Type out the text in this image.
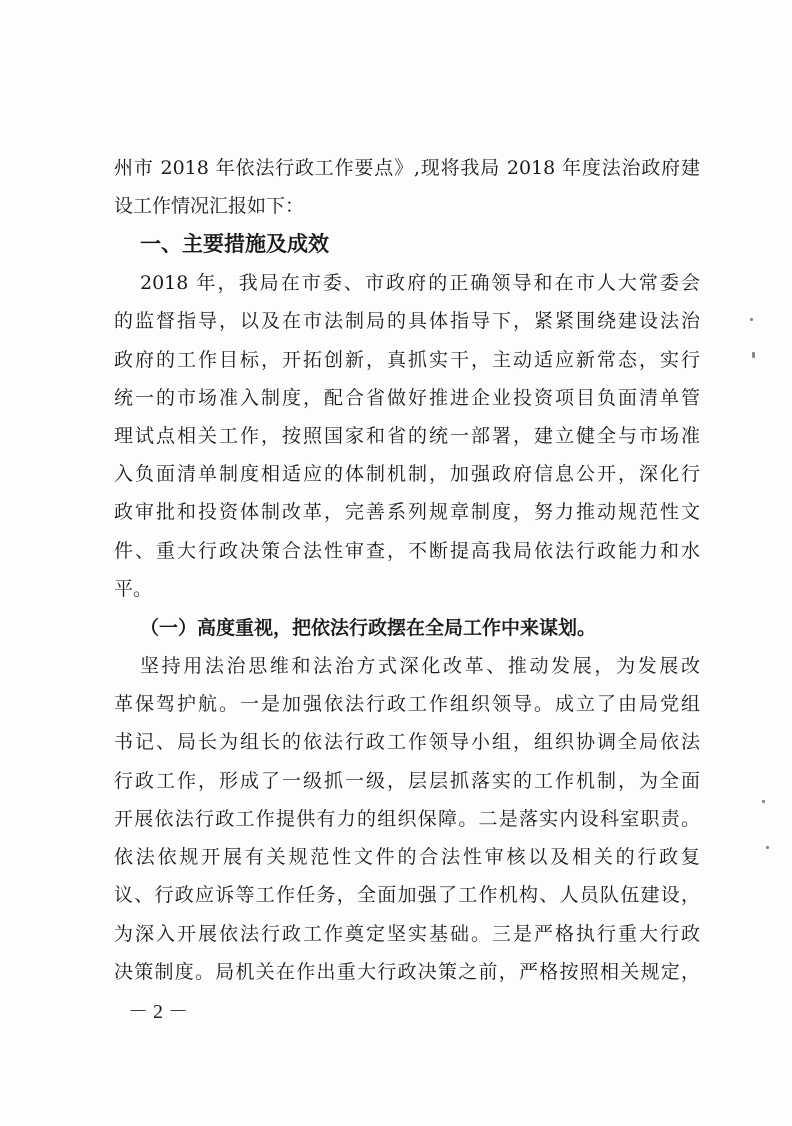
州市 2018 年依法行政工作要点》,现将我局 2018 年度法治政府建
设工作情况汇报如下：
一、主要措施及成效
2018 年，我局在市委、市政府的正确领导和在市人大常委会
的监督指导，以及在市法制局的具体指导下，紧紧围绕建设法治
政府的工作目标，开拓创新，真抓实干，主动适应新常态，实行
统一的市场准入制度，配合省做好推进企业投资项目负面清单管
理试点相关工作，按照国家和省的统一部署，建立健全与市场准
入负面清单制度相适应的体制机制，加强政府信息公开，深化行
政审批和投资体制改革，完善系列规章制度，努力推动规范性文
件、重大行政决策合法性审查，不断提高我局依法行政能力和水
平。
（一）高度重视，把依法行政摆在全局工作中来谋划。
坚持用法治思维和法治方式深化改革、推动发展，为发展改
革保驾护航。一是加强依法行政工作组织领导。成立了由局党组
书记、局长为组长的依法行政工作领导小组，组织协调全局依法
行政工作，形成了一级抓一级，层层抓落实的工作机制，为全面
开展依法行政工作提供有力的组织保障。二是落实内设科室职责。
依法依规开展有关规范性文件的合法性审核以及相关的行政复
议、行政应诉等工作任务，全面加强了工作机构、人员队伍建设，
为深入开展依法行政工作奠定坚实基础。三是严格执行重大行政
决策制度。局机关在作出重大行政决策之前，严格按照相关规定，
－ 2 －
